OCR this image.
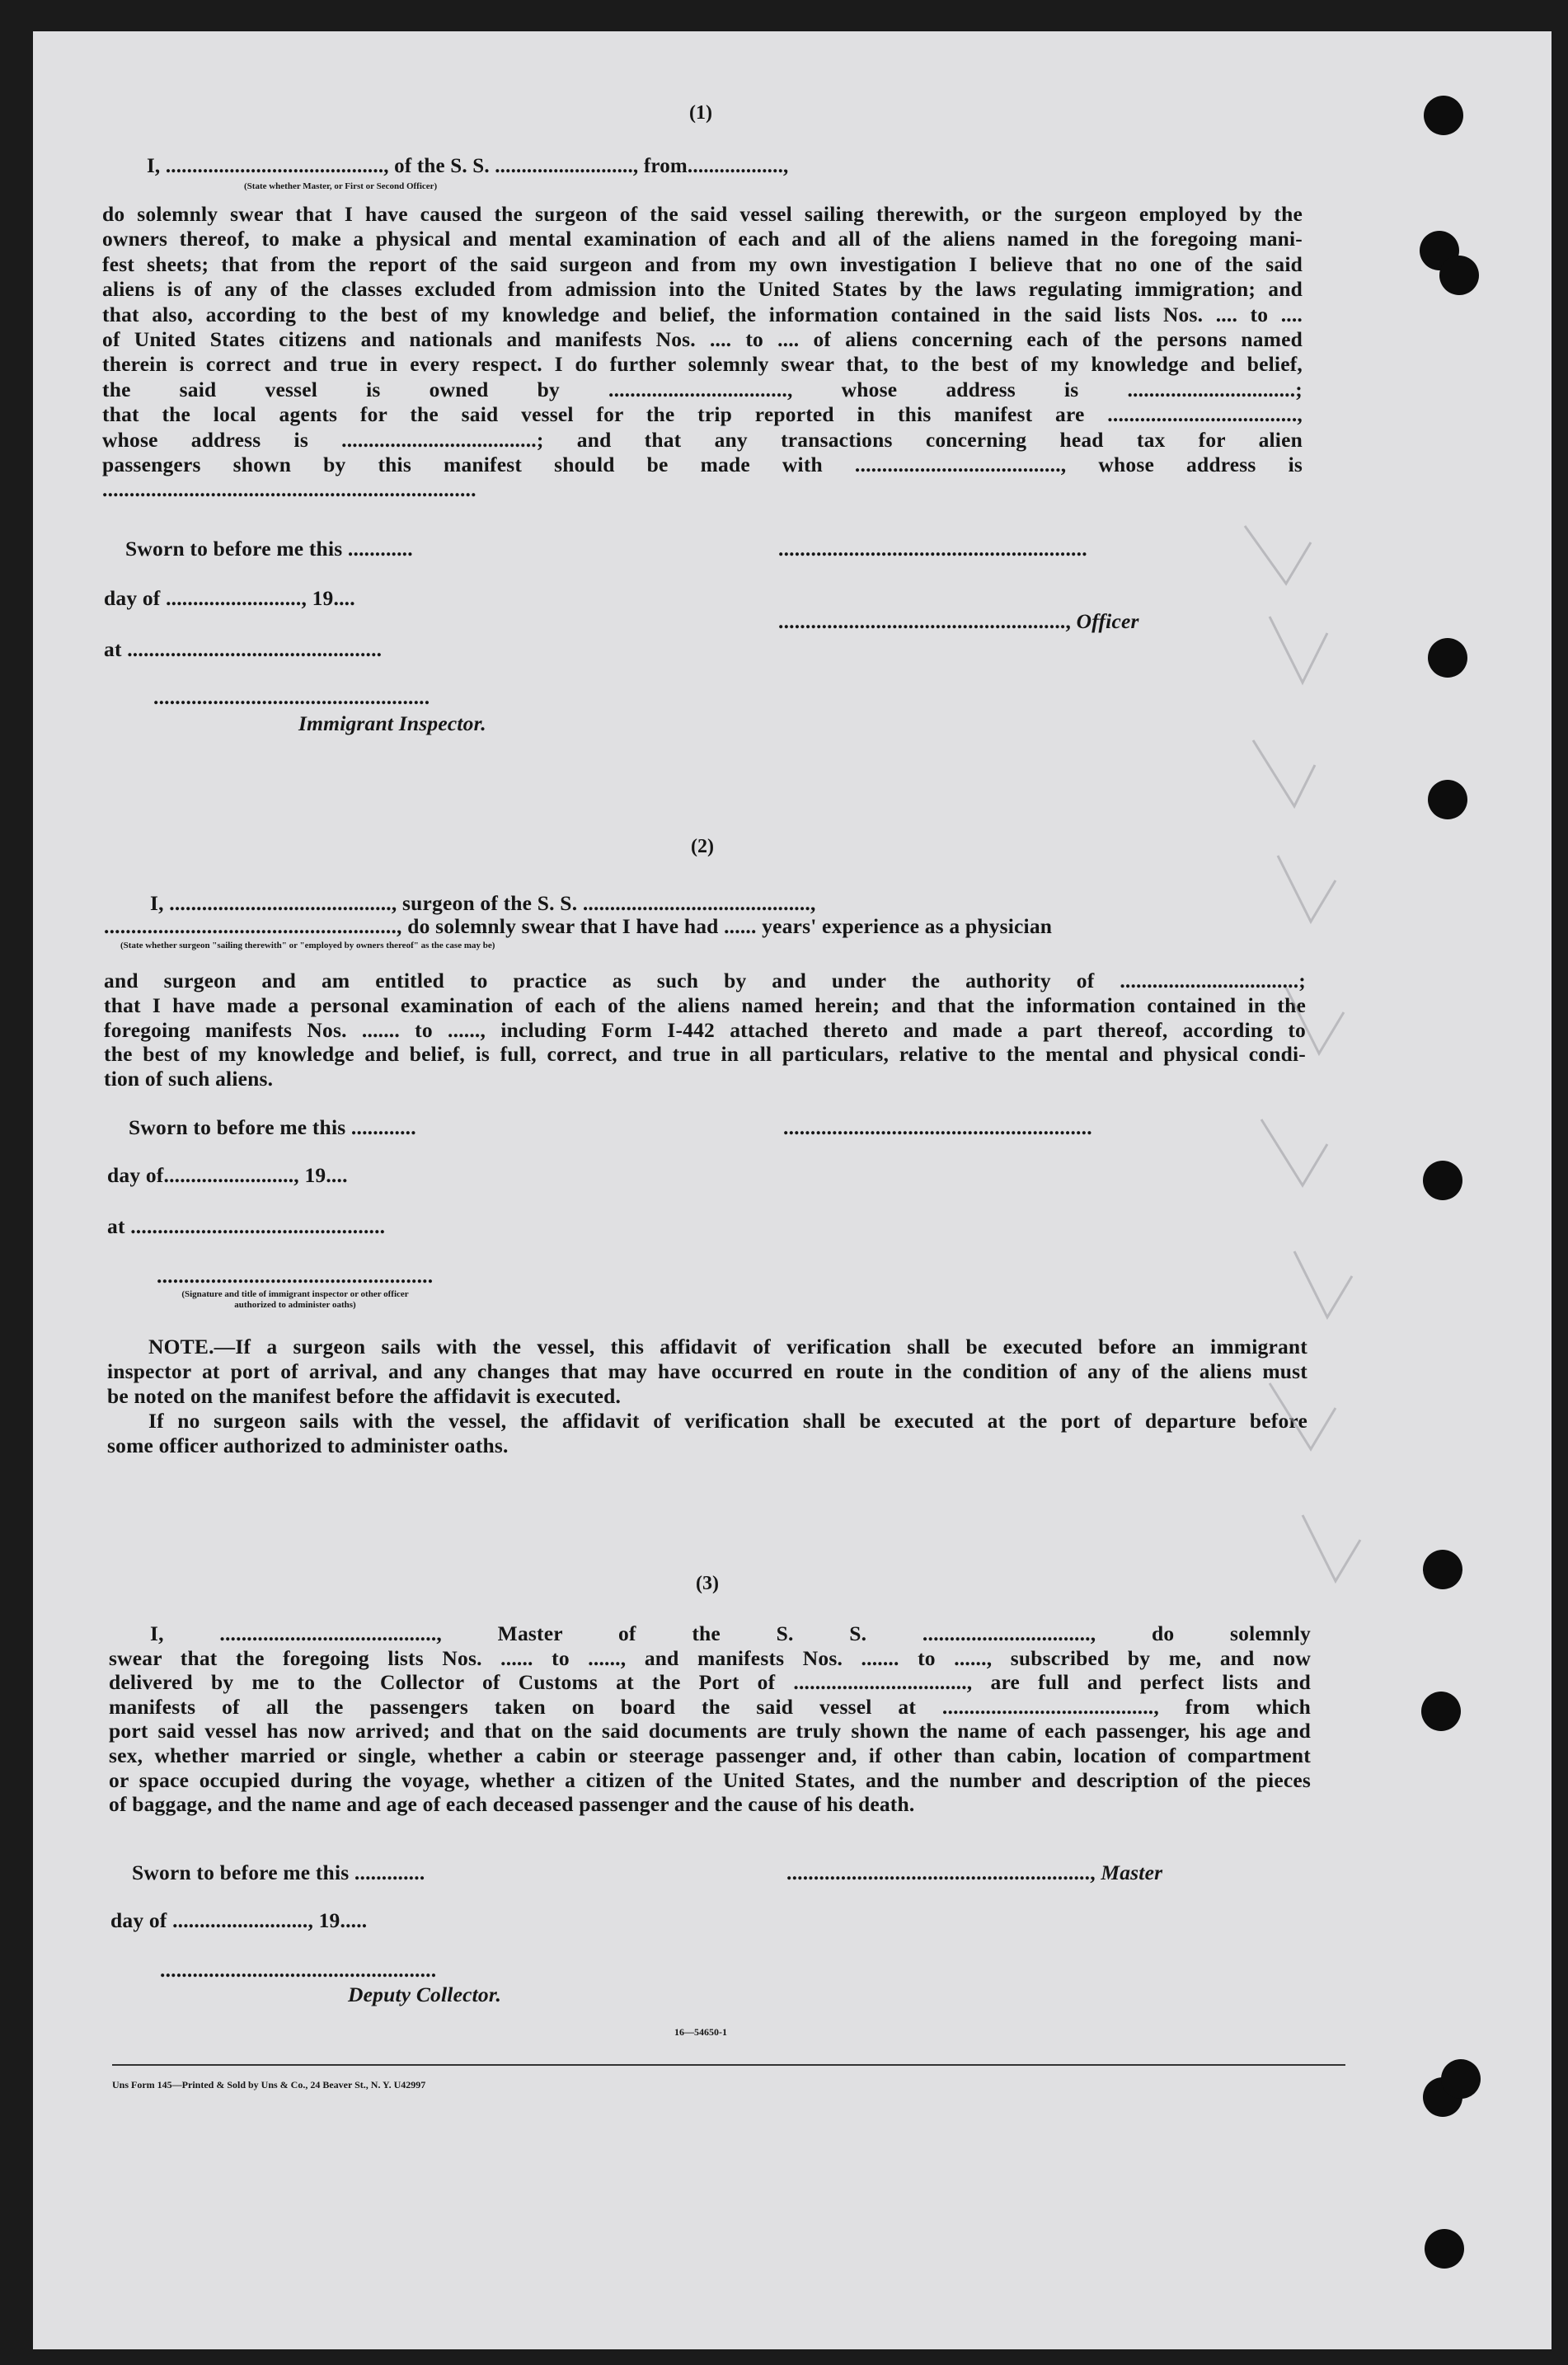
(1)
I, ........................................., of the S. S. .........................., from..................,
(State whether Master, or First or Second Officer)
do solemnly swear that I have caused the surgeon of the said vessel sailing therewith, or the surgeon employed by the
owners thereof, to make a physical and mental examination of each and all of the aliens named in the foregoing mani-
fest sheets; that from the report of the said surgeon and from my own investigation I believe that no one of the said
aliens is of any of the classes excluded from admission into the United States by the laws regulating immigration; and
that also, according to the best of my knowledge and belief, the information contained in the said lists Nos. .... to ....
of United States citizens and nationals and manifests Nos. .... to .... of aliens concerning each of the persons named
therein is correct and true in every respect. I do further solemnly swear that, to the best of my knowledge and belief,
the said vessel is owned by ................................., whose address is ...............................;
that the local agents for the said vessel for the trip reported in this manifest are ...................................,
whose address is ....................................; and that any transactions concerning head tax for alien
passengers shown by this manifest should be made with ......................................, whose address is
.....................................................................
Sworn to before me this ............	.........................................................
day of ........................., 19....
....................................................., Officer
at ...............................................
...................................................
Immigrant Inspector.
(2)
I, ........................................., surgeon of the S. S. ..........................................,
......................................................, do solemnly swear that I have had ...... years' experience as a physician
(State whether surgeon "sailing therewith" or "employed by owners thereof" as the case may be)
and surgeon and am entitled to practice as such by and under the authority of .................................;
that I have made a personal examination of each of the aliens named herein; and that the information contained in the
foregoing manifests Nos. ....... to ......, including Form I-442 attached thereto and made a part thereof, according to
the best of my knowledge and belief, is full, correct, and true in all particulars, relative to the mental and physical condi-
tion of such aliens.
Sworn to before me this ............	.........................................................
day of........................, 19....
at ...............................................
...................................................
(Signature and title of immigrant inspector or other officer authorized to administer oaths)
NOTE.—If a surgeon sails with the vessel, this affidavit of verification shall be executed before an immigrant
inspector at port of arrival, and any changes that may have occurred en route in the condition of any of the aliens must
be noted on the manifest before the affidavit is executed.
If no surgeon sails with the vessel, the affidavit of verification shall be executed at the port of departure before
some officer authorized to administer oaths.
(3)
I, ........................................, Master of the S. S. ..............................., do solemnly
swear that the foregoing lists Nos. ...... to ......, and manifests Nos. ....... to ......, subscribed by me, and now
delivered by me to the Collector of Customs at the Port of ................................, are full and perfect lists and
manifests of all the passengers taken on board the said vessel at ......................................., from which
port said vessel has now arrived; and that on the said documents are truly shown the name of each passenger, his age and
sex, whether married or single, whether a cabin or steerage passenger and, if other than cabin, location of compartment
or space occupied during the voyage, whether a citizen of the United States, and the number and description of the pieces
of baggage, and the name and age of each deceased passenger and the cause of his death.
Sworn to before me this .............	........................................................, Master
day of ........................., 19.....
...................................................
Deputy Collector.
16—54650-1
Uns Form 145—Printed & Sold by Uns & Co., 24 Beaver St., N. Y. U42997
